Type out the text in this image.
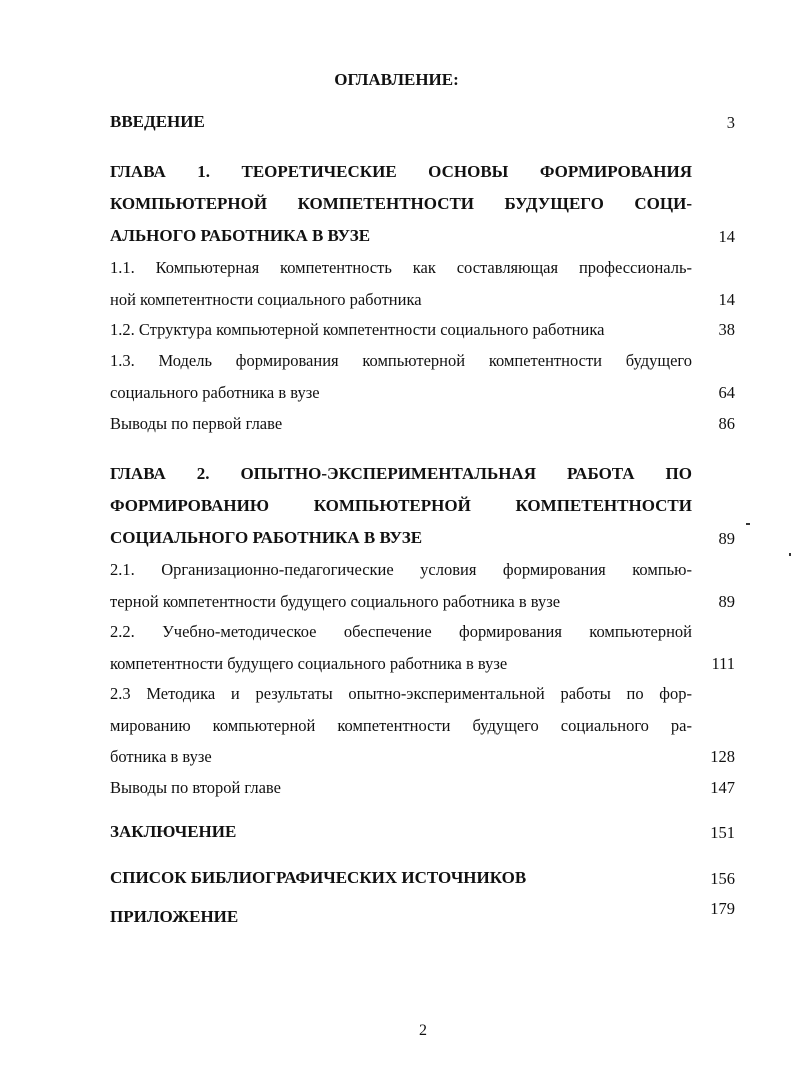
ОГЛАВЛЕНИЕ:
ВВЕДЕНИЕ	3
ГЛАВА 1. ТЕОРЕТИЧЕСКИЕ ОСНОВЫ ФОРМИРОВАНИЯ
КОМПЬЮТЕРНОЙ КОМПЕТЕНТНОСТИ БУДУЩЕГО СОЦИ-
АЛЬНОГО РАБОТНИКА В ВУЗЕ	14
1.1. Компьютерная компетентность как составляющая профессиональ-
ной компетентности социального работника	14
1.2. Структура компьютерной компетентности социального работника	38
1.3. Модель формирования компьютерной компетентности будущего
социального работника в вузе	64
Выводы по первой главе	86
ГЛАВА 2. ОПЫТНО-ЭКСПЕРИМЕНТАЛЬНАЯ РАБОТА ПО
ФОРМИРОВАНИЮ КОМПЬЮТЕРНОЙ КОМПЕТЕНТНОСТИ
СОЦИАЛЬНОГО РАБОТНИКА В ВУЗЕ	89
2.1. Организационно-педагогические условия формирования компью-
терной компетентности будущего социального работника в вузе	89
2.2. Учебно-методическое обеспечение формирования компьютерной
компетентности будущего социального работника в вузе	111
2.3 Методика и результаты опытно-экспериментальной работы по фор-
мированию компьютерной компетентности будущего социального ра-
ботника в вузе	128
Выводы по второй главе	147
ЗАКЛЮЧЕНИЕ	151
СПИСОК БИБЛИОГРАФИЧЕСКИХ ИСТОЧНИКОВ	156
ПРИЛОЖЕНИЕ	179
2
